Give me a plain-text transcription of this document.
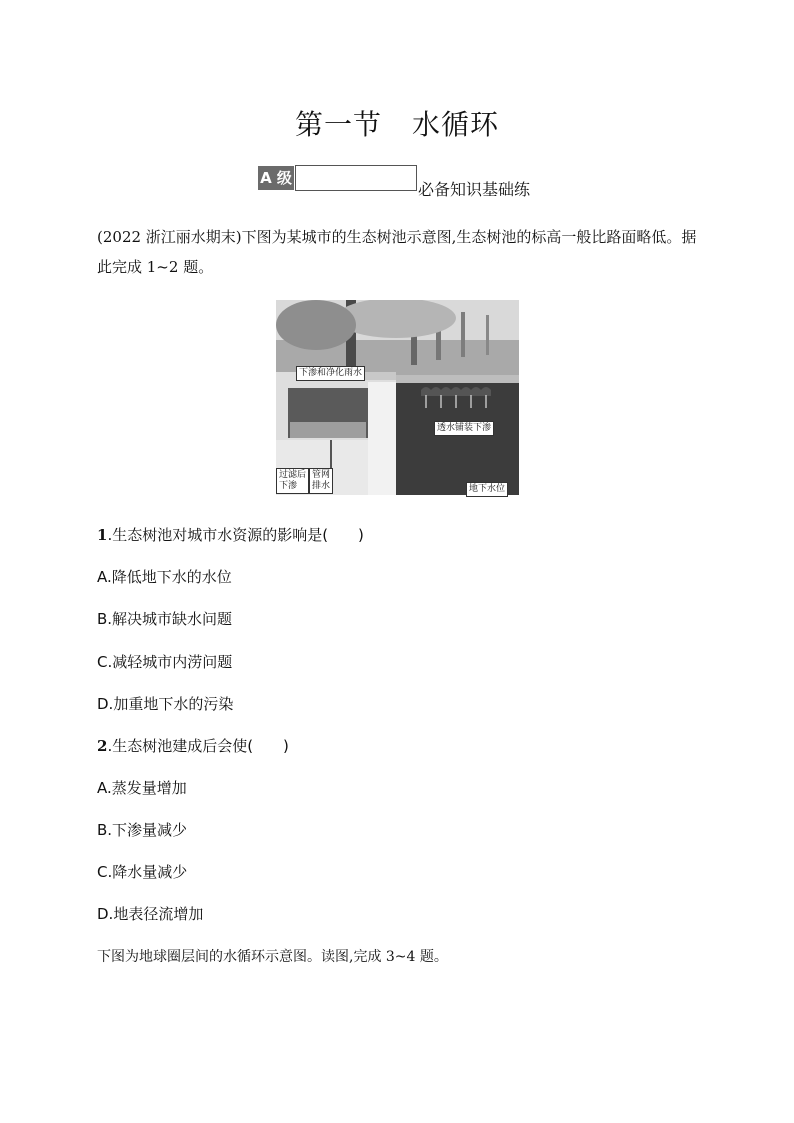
第一节 水循环
A 级
必备知识基础练
(2022 浙江丽水期末)下图为某城市的生态树池示意图,生态树池的标高一般比路面略低。据此完成 1~2 题。
下渗和净化雨水
透水铺装下渗
过滤后
下渗
管网
排水	地下水位
1.生态树池对城市水资源的影响是(　　)
A.降低地下水的水位
B.解决城市缺水问题
C.减轻城市内涝问题
D.加重地下水的污染
2.生态树池建成后会使(　　)
A.蒸发量增加
B.下渗量减少
C.降水量减少
D.地表径流增加
下图为地球圈层间的水循环示意图。读图,完成 3~4 题。
